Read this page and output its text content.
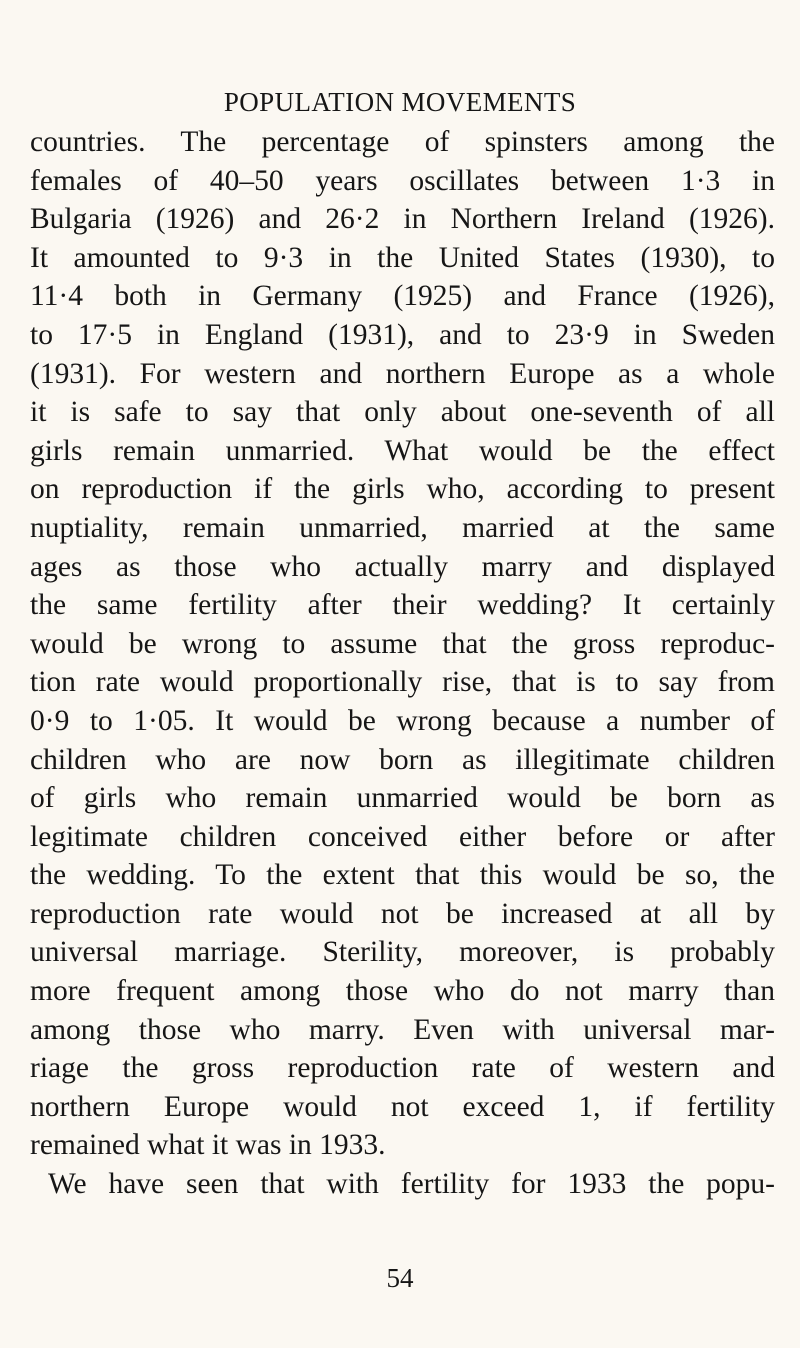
POPULATION MOVEMENTS
countries. The percentage of spinsters among the
females of 40–50 years oscillates between 1·3 in
Bulgaria (1926) and 26·2 in Northern Ireland (1926).
It amounted to 9·3 in the United States (1930), to
11·4 both in Germany (1925) and France (1926),
to 17·5 in England (1931), and to 23·9 in Sweden
(1931). For western and northern Europe as a whole
it is safe to say that only about one-seventh of all
girls remain unmarried. What would be the effect
on reproduction if the girls who, according to present
nuptiality, remain unmarried, married at the same
ages as those who actually marry and displayed
the same fertility after their wedding? It certainly
would be wrong to assume that the gross reproduc-
tion rate would proportionally rise, that is to say from
0·9 to 1·05. It would be wrong because a number of
children who are now born as illegitimate children
of girls who remain unmarried would be born as
legitimate children conceived either before or after
the wedding. To the extent that this would be so, the
reproduction rate would not be increased at all by
universal marriage. Sterility, moreover, is probably
more frequent among those who do not marry than
among those who marry. Even with universal mar-
riage the gross reproduction rate of western and
northern Europe would not exceed 1, if fertility
remained what it was in 1933.
We have seen that with fertility for 1933 the popu-
54
